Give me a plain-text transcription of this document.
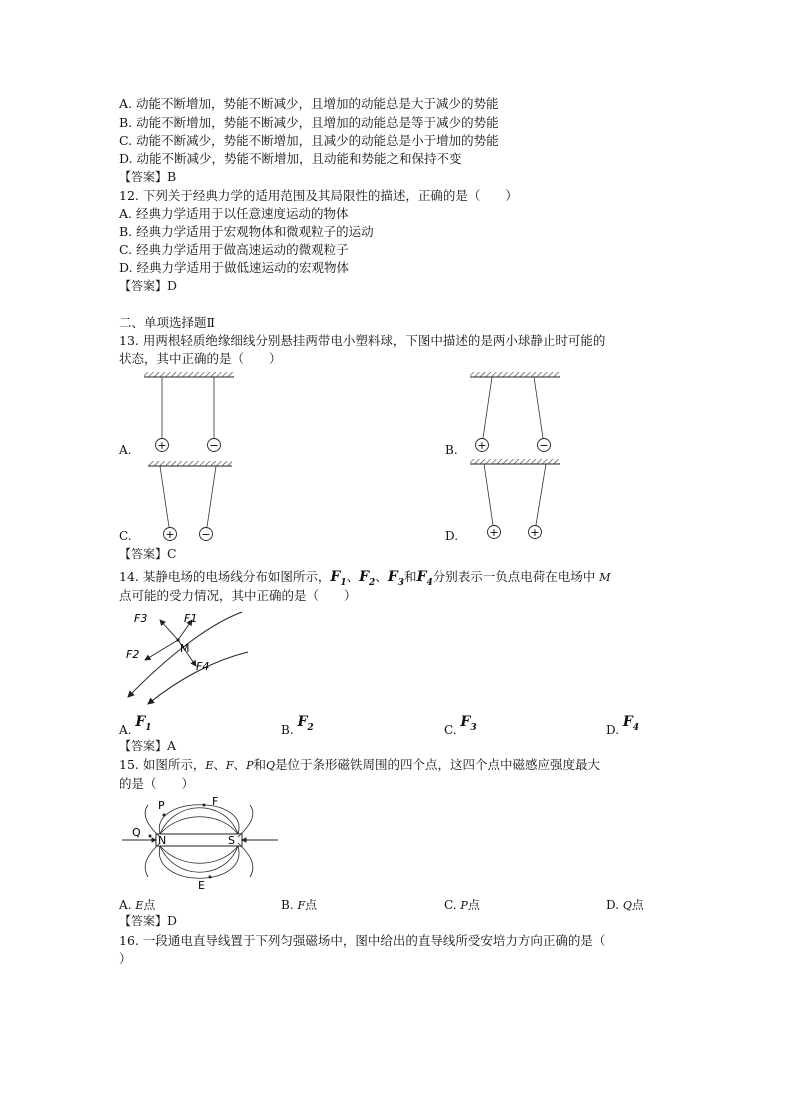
A. 动能不断增加，势能不断减少，且增加的动能总是大于减少的势能
B. 动能不断增加，势能不断减少，且增加的动能总是等于减少的势能
C. 动能不断减少，势能不断增加，且减少的动能总是小于增加的势能
D. 动能不断减少，势能不断增加，且动能和势能之和保持不变
【答案】B
12. 下列关于经典力学的适用范围及其局限性的描述，正确的是（　　）
A. 经典力学适用于以任意速度运动的物体
B. 经典力学适用于宏观物体和微观粒子的运动
C. 经典力学适用于做高速运动的微观粒子
D. 经典力学适用于做低速运动的宏观物体
【答案】D
二、单项选择题Ⅱ
13. 用两根轻质绝缘细线分别悬挂两带电小塑料球，下图中描述的是两小球静止时可能的
状态，其中正确的是（　　）
+	−
A.	+	−
B.
+ −
C.	+	+
D.
【答案】C
14. 某静电场的电场线分布如图所示，$F_1$、$F_2$、$F_3$和$F_4$分别表示一负点电荷在电场中 M
点可能的受力情况，其中正确的是（　　）
F3	F1
M
F2
F4
A. $F_1$	B. $F_2$	C. $F_3$	D. $F_4$
【答案】A
15. 如图所示，E、F、P和Q是位于条形磁铁周围的四个点，这四个点中磁感应强度最大
的是（　　）
P	F
Q
N	S
E
A. E点	B. F点	C. P点	D. Q点
【答案】D
16. 一段通电直导线置于下列匀强磁场中，图中给出的直导线所受安培力方向正确的是（
）
